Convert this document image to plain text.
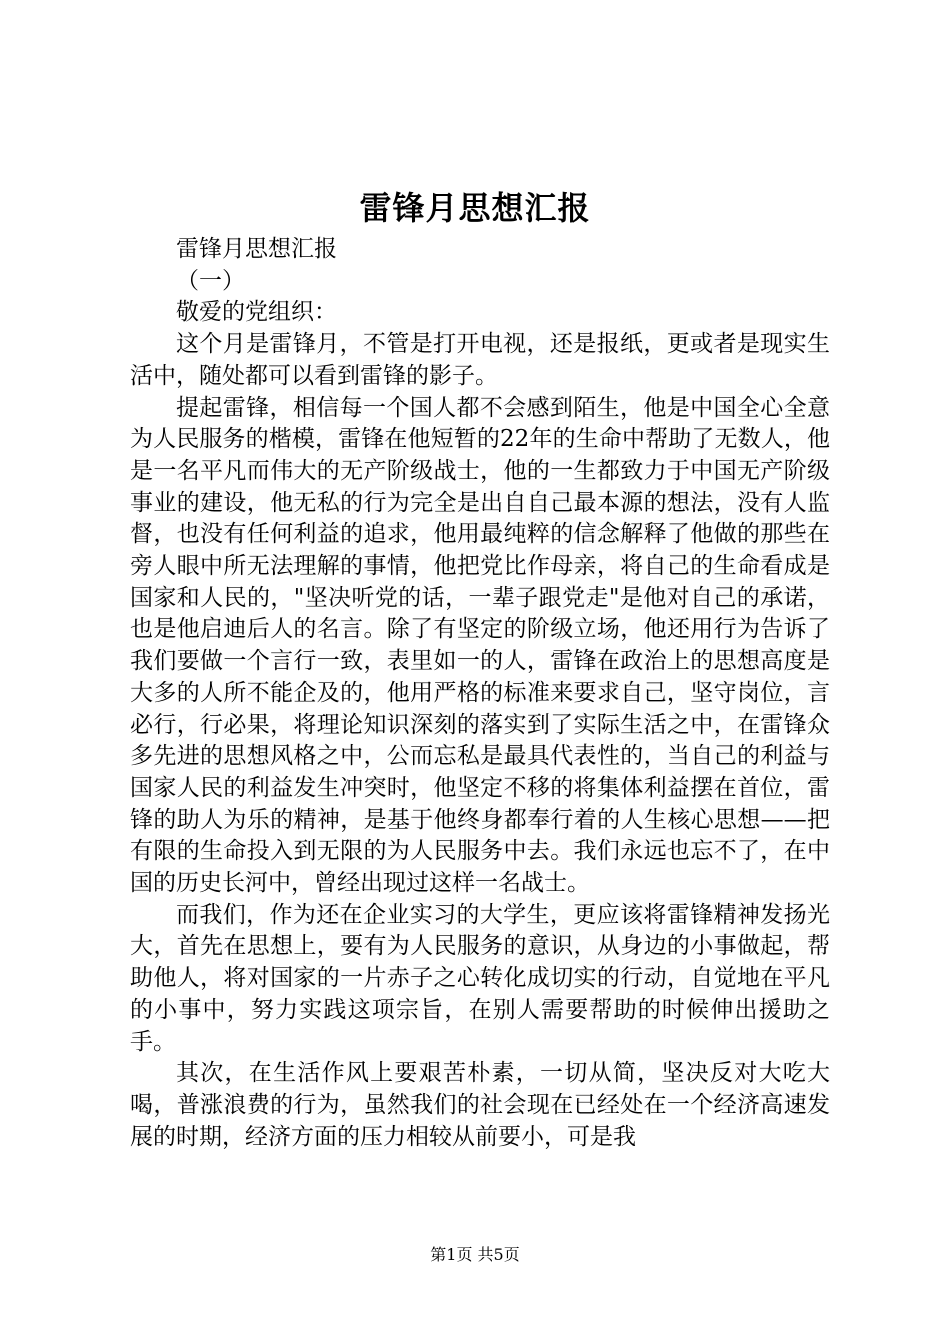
雷锋月思想汇报

雷锋月思想汇报

（一）

敬爱的党组织：

这个月是雷锋月，不管是打开电视，还是报纸，更或者是现实生活中，随处都可以看到雷锋的影子。

提起雷锋，相信每一个国人都不会感到陌生，他是中国全心全意为人民服务的楷模，雷锋在他短暂的22年的生命中帮助了无数人，他是一名平凡而伟大的无产阶级战士，他的一生都致力于中国无产阶级事业的建设，他无私的行为完全是出自自己最本源的想法，没有人监督，也没有任何利益的追求，他用最纯粹的信念解释了他做的那些在旁人眼中所无法理解的事情，他把党比作母亲，将自己的生命看成是国家和人民的，"坚决听党的话，一辈子跟党走"是他对自己的承诺，也是他启迪后人的名言。除了有坚定的阶级立场，他还用行为告诉了我们要做一个言行一致，表里如一的人，雷锋在政治上的思想高度是大多的人所不能企及的，他用严格的标准来要求自己，坚守岗位，言必行，行必果，将理论知识深刻的落实到了实际生活之中，在雷锋众多先进的思想风格之中，公而忘私是最具代表性的，当自己的利益与国家人民的利益发生冲突时，他坚定不移的将集体利益摆在首位，雷锋的助人为乐的精神，是基于他终身都奉行着的人生核心思想——把有限的生命投入到无限的为人民服务中去。我们永远也忘不了，在中国的历史长河中，曾经出现过这样一名战士。

而我们，作为还在企业实习的大学生，更应该将雷锋精神发扬光大，首先在思想上，要有为人民服务的意识，从身边的小事做起，帮助他人，将对国家的一片赤子之心转化成切实的行动，自觉地在平凡的小事中，努力实践这项宗旨，在别人需要帮助的时候伸出援助之手。

其次，在生活作风上要艰苦朴素，一切从简，坚决反对大吃大喝，普涨浪费的行为，虽然我们的社会现在已经处在一个经济高速发展的时期，经济方面的压力相较从前要小，可是我

第1页 共5页
